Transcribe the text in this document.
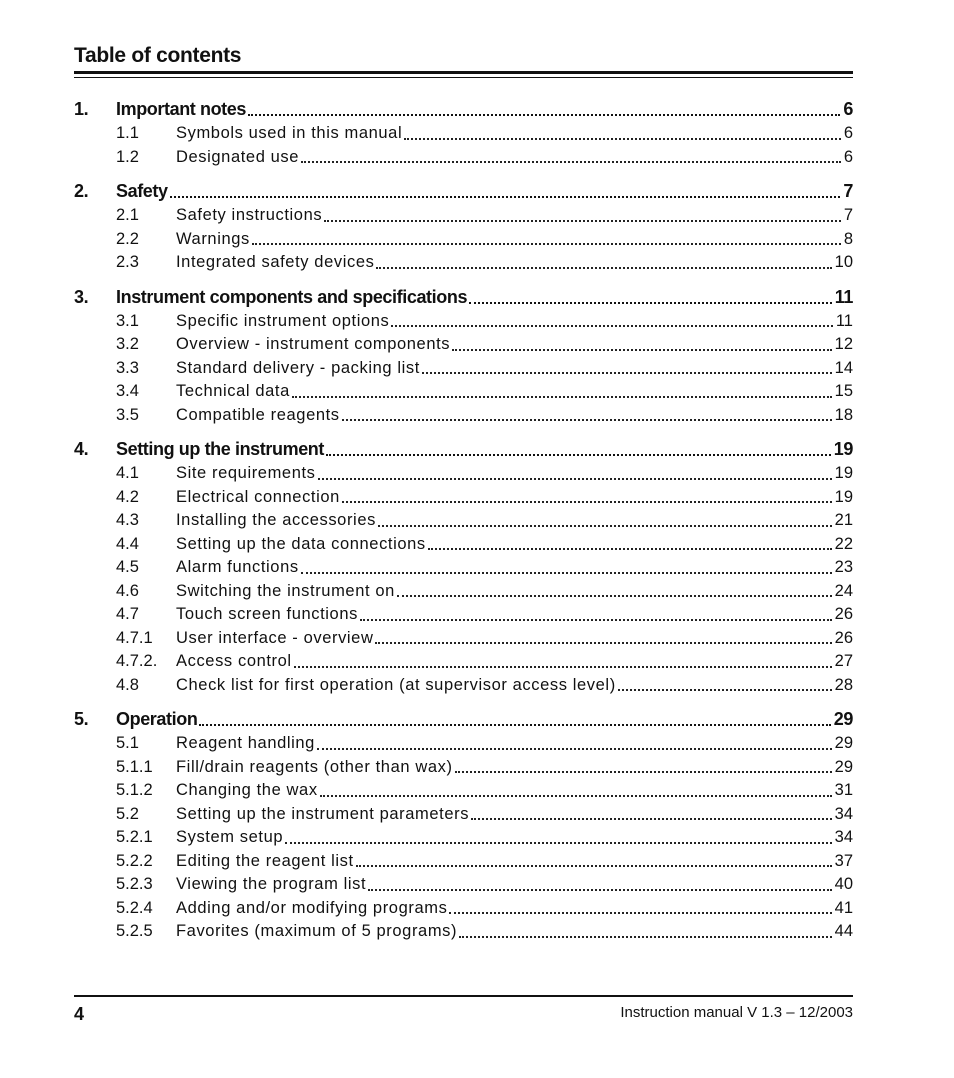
Table of contents
1.	Important notes	6
1.1	Symbols used in this manual	6
1.2	Designated use	6
2.	Safety	7
2.1	Safety instructions	7
2.2	Warnings	8
2.3	Integrated safety devices	10
3.	Instrument components and specifications	11
3.1	Specific instrument options	11
3.2	Overview - instrument components	12
3.3	Standard delivery - packing list	14
3.4	Technical data	15
3.5	Compatible reagents	18
4.	Setting up the instrument	19
4.1	Site requirements	19
4.2	Electrical connection	19
4.3	Installing the accessories	21
4.4	Setting up the data connections	22
4.5	Alarm functions	23
4.6	Switching the instrument on	24
4.7	Touch screen functions	26
4.7.1	User interface - overview	26
4.7.2.	Access control	27
4.8	Check list for first operation (at supervisor access level)	28
5.	Operation	29
5.1	Reagent handling	29
5.1.1	Fill/drain reagents (other than wax)	29
5.1.2	Changing the wax	31
5.2	Setting up the instrument parameters	34
5.2.1	System setup	34
5.2.2	Editing the reagent list	37
5.2.3	Viewing the program list	40
5.2.4	Adding and/or modifying programs	41
5.2.5	Favorites (maximum of 5 programs)	44
4	Instruction manual V 1.3 – 12/2003
